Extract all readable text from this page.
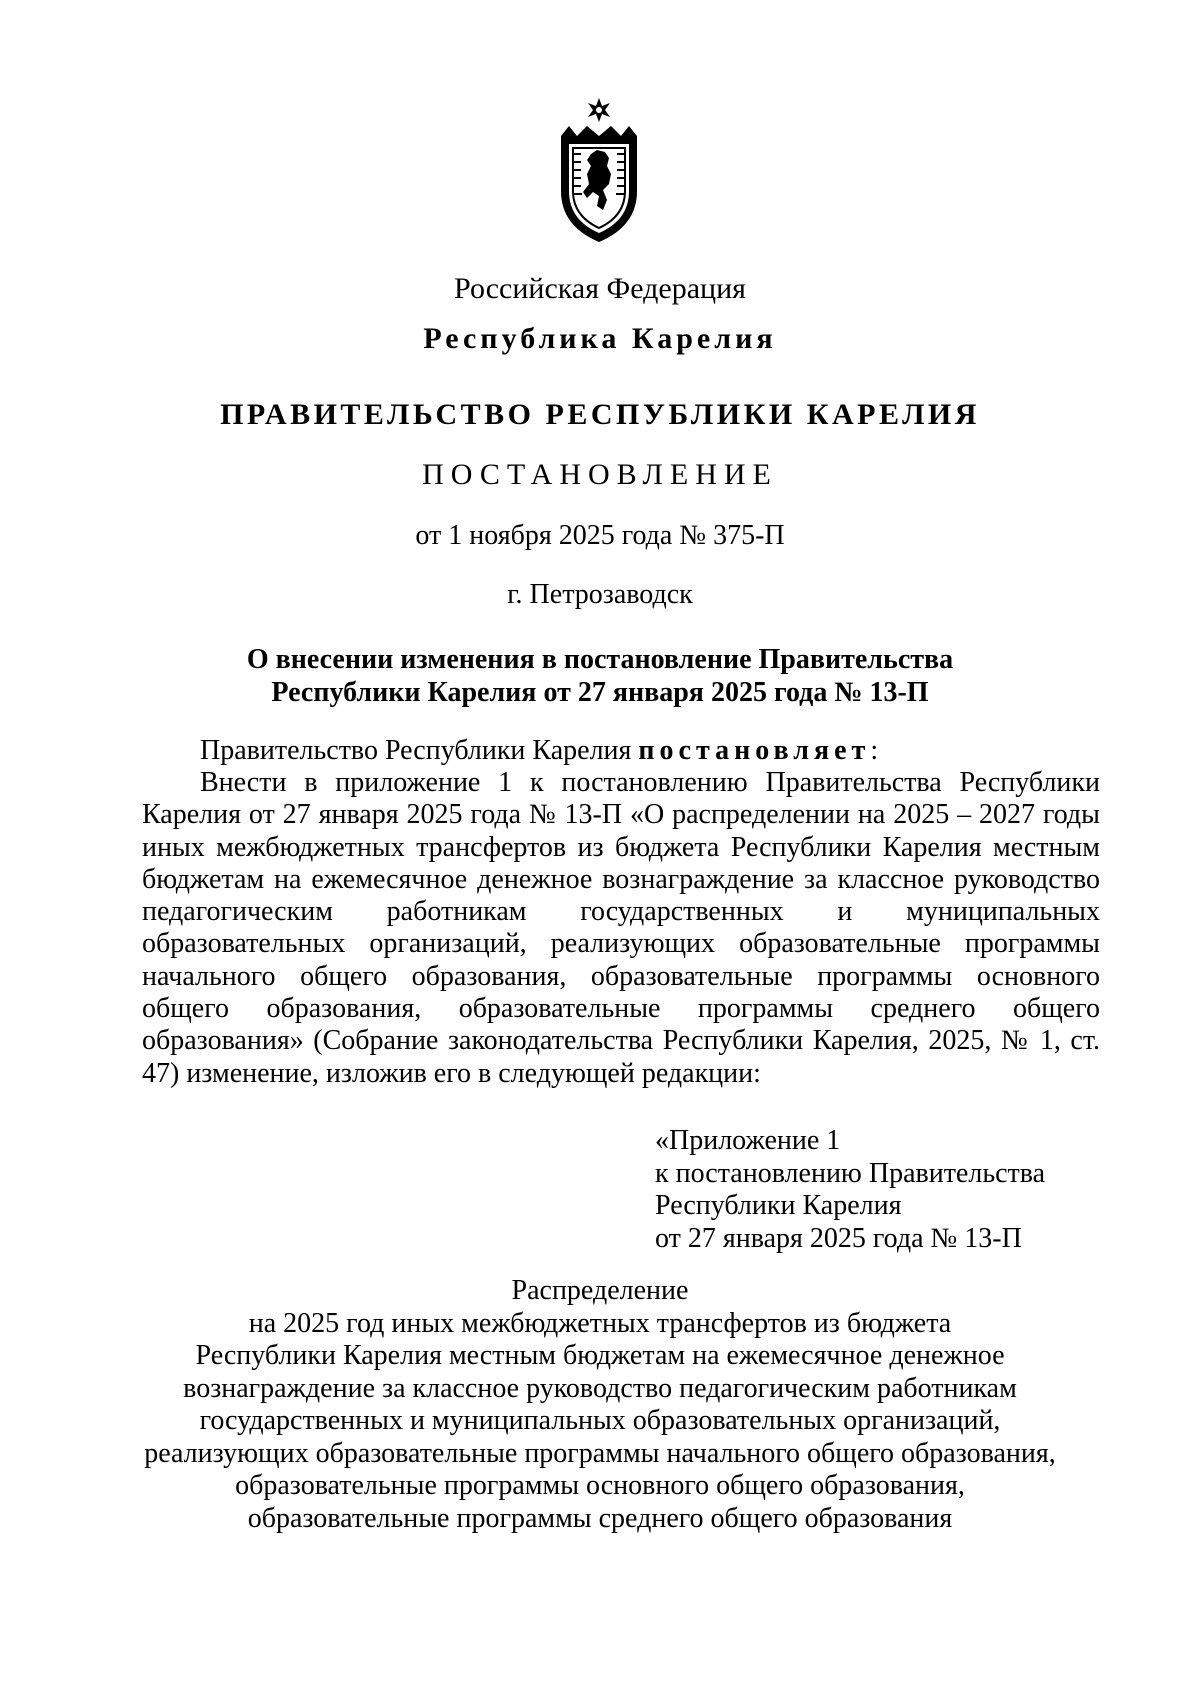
Российская Федерация
Республика Карелия
ПРАВИТЕЛЬСТВО РЕСПУБЛИКИ КАРЕЛИЯ
ПОСТАНОВЛЕНИЕ
от 1 ноября 2025 года № 375-П
г. Петрозаводск
О внесении изменения в постановление Правительства
Республики Карелия от 27 января 2025 года № 13-П
Правительство Республики Карелия постановляет:

Внести в приложение 1 к постановлению Правительства Республики Карелия от 27 января 2025 года № 13-П «О распределении на 2025 – 2027 годы иных межбюджетных трансфертов из бюджета Республики Карелия местным бюджетам на ежемесячное денежное вознаграждение за классное руководство педагогическим работникам государственных и муниципальных образовательных организаций, реализующих образовательные программы начального общего образования, образовательные программы основного общего образования, образовательные программы среднего общего образования» (Собрание законодательства Республики Карелия, 2025, № 1, ст. 47) изменение, изложив его в следующей редакции:

«Приложение 1
к постановлению Правительства
Республики Карелия
от 27 января 2025 года № 13-П
Распределение
на 2025 год иных межбюджетных трансфертов из бюджета
Республики Карелия местным бюджетам на ежемесячное денежное
вознаграждение за классное руководство педагогическим работникам
государственных и муниципальных образовательных организаций,
реализующих образовательные программы начального общего образования,
образовательные программы основного общего образования,
образовательные программы среднего общего образования
